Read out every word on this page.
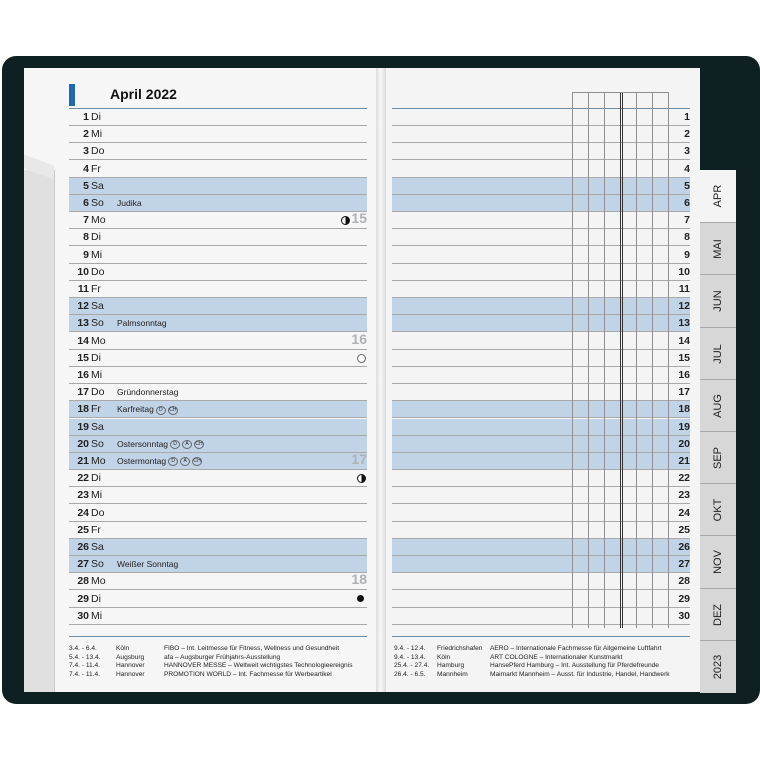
April 2022
1 Di
2 Mi
3 Do
4 Fr
5 Sa
6 So Judika
7 Mo	15
8 Di
9 Mi
10 Do
11 Fr
12 Sa
13 So Palmsonntag
14 Mo	16
15 Di
16 Mi
17 Do Gründonnerstag
18 Fr Karfreitag D CH
19 Sa
20 So Ostersonntag D A CH
21 Mo Ostermontag D A CH	17
22 Di
23 Mi
24 Do
25 Fr
26 Sa
27 So Weißer Sonntag
28 Mo	18
29 Di
30 Mi
1
2
3
4
5
6
7
8
9
10
11
12
13
14
15
16
17
18
19
20
21
22
23
24
25
26
27
28
29
30
3.4. - 6.4.	Köln	FIBO – Int. Leitmesse für Fitness, Wellness und Gesundheit
5.4. - 13.4. Augsburg	afa – Augsburger Frühjahrs-Ausstellung
7.4. - 11.4. Hannover	HANNOVER MESSE – Weltweit wichtigstes Technologieereignis
7.4. - 11.4. Hannover	PROMOTION WORLD – Int. Fachmesse für Werbeartikel
9.4. - 12.4. Friedrichshafen AERO – Internationale Fachmesse für Allgemeine Luftfahrt
9.4. - 13.4. Köln	ART COLOGNE – Internationaler Kunstmarkt
25.4. - 27.4. Hamburg	HansePferd Hamburg – Int. Ausstellung für Pferdefreunde
26.4. - 6.5. Mannheim	Maimarkt Mannheim – Ausst. für Industrie, Handel, Handwerk
APR
MAI
JUN
JUL
AUG
SEP
OKT
NOV
DEZ
2023
